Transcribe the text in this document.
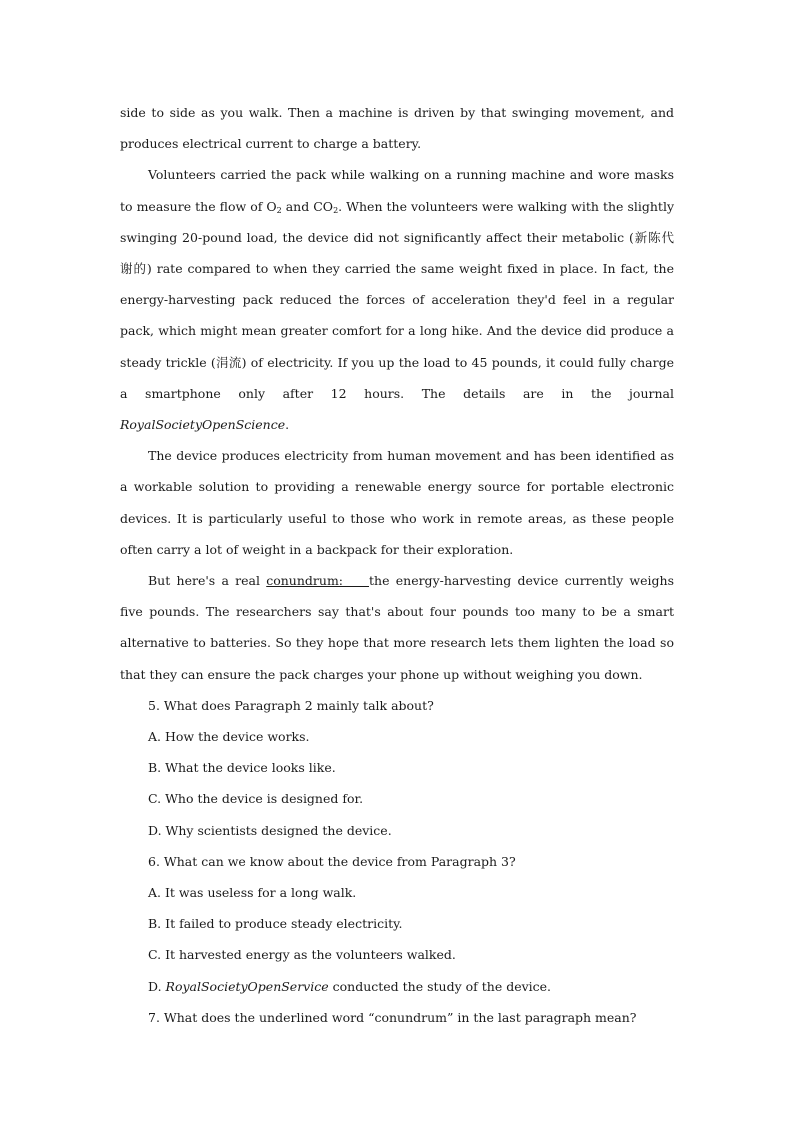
side to side as you walk. Then a machine is driven by that swinging movement, and produces electrical current to charge a battery.

Volunteers carried the pack while walking on a running machine and wore masks to measure the flow of $O_2$ and $CO_2$. When the volunteers were walking with the slightly swinging 20-pound load, the device did not significantly affect their metabolic (新陈代谢的) rate compared to when they carried the same weight fixed in place. In fact, the energy-harvesting pack reduced the forces of acceleration they'd feel in a regular pack, which might mean greater comfort for a long hike. And the device did produce a steady trickle (涓流) of electricity. If you up the load to 45 pounds, it could fully charge a smartphone only after 12 hours. The details are in the journal RoyalSocietyOpenScience.

The device produces electricity from human movement and has been identified as a workable solution to providing a renewable energy source for portable electronic devices. It is particularly useful to those who work in remote areas, as these people often carry a lot of weight in a backpack for their exploration.

But here's a real conundrum: the energy-harvesting device currently weighs five pounds. The researchers say that's about four pounds too many to be a smart alternative to batteries. So they hope that more research lets them lighten the load so that they can ensure the pack charges your phone up without weighing you down.

5. What does Paragraph 2 mainly talk about?

A. How the device works.

B. What the device looks like.

C. Who the device is designed for.

D. Why scientists designed the device.

6. What can we know about the device from Paragraph 3?

A. It was useless for a long walk.

B. It failed to produce steady electricity.

C. It harvested energy as the volunteers walked.

D. RoyalSocietyOpenService conducted the study of the device.

7. What does the underlined word “conundrum” in the last paragraph mean?
